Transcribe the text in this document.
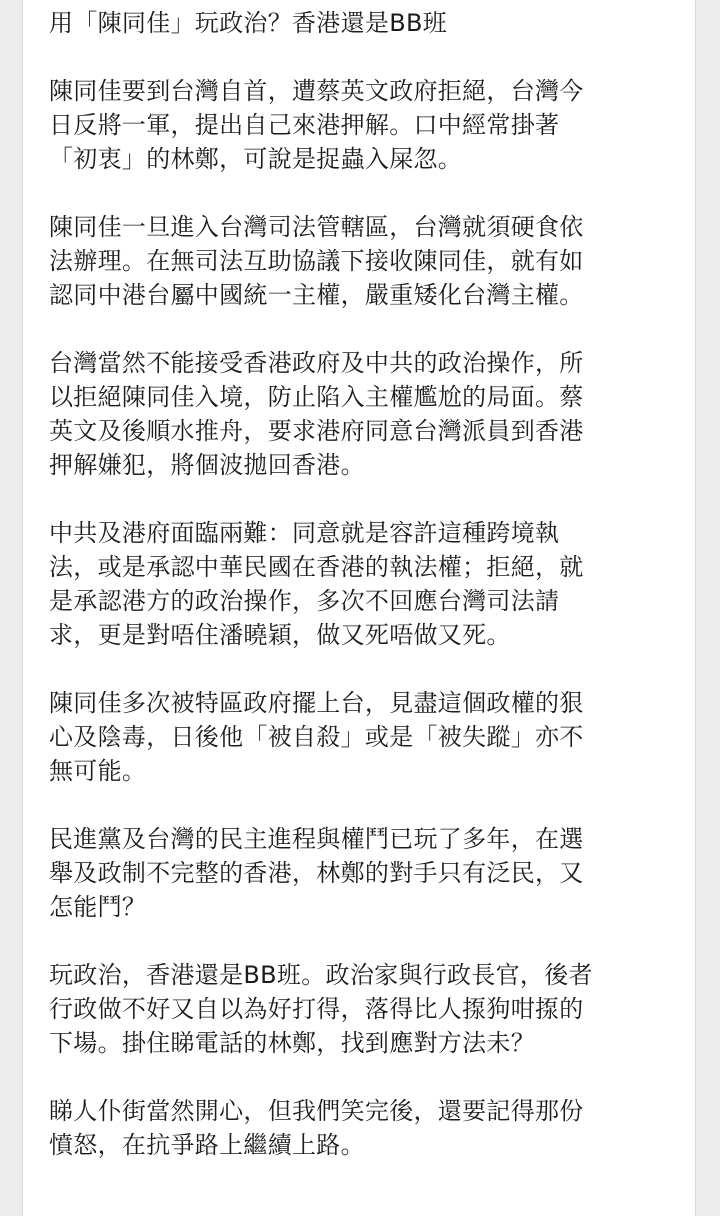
用「陳同佳」玩政治？香港還是BB班
陳同佳要到台灣自首，遭蔡英文政府拒絕，台灣今
日反將一軍，提出自己來港押解。口中經常掛著
「初衷」的林鄭，可說是捉蟲入屎忽。
陳同佳一旦進入台灣司法管轄區，台灣就須硬食依
法辦理。在無司法互助協議下接收陳同佳，就有如
認同中港台屬中國統一主權，嚴重矮化台灣主權。
台灣當然不能接受香港政府及中共的政治操作，所
以拒絕陳同佳入境，防止陷入主權尷尬的局面。蔡
英文及後順水推舟，要求港府同意台灣派員到香港
押解嫌犯，將個波拋回香港。
中共及港府面臨兩難：同意就是容許這種跨境執
法，或是承認中華民國在香港的執法權；拒絕，就
是承認港方的政治操作，多次不回應台灣司法請
求，更是對唔住潘曉穎，做又死唔做又死。
陳同佳多次被特區政府擺上台，見盡這個政權的狠
心及陰毒，日後他「被自殺」或是「被失蹤」亦不
無可能。
民進黨及台灣的民主進程與權鬥已玩了多年，在選
舉及政制不完整的香港，林鄭的對手只有泛民，又
怎能鬥？
玩政治，香港還是BB班。政治家與行政長官，後者
行政做不好又自以為好打得，落得比人揼狗咁揼的
下場。掛住睇電話的林鄭，找到應對方法未？
睇人仆街當然開心，但我們笑完後，還要記得那份
憤怒，在抗爭路上繼續上路。
